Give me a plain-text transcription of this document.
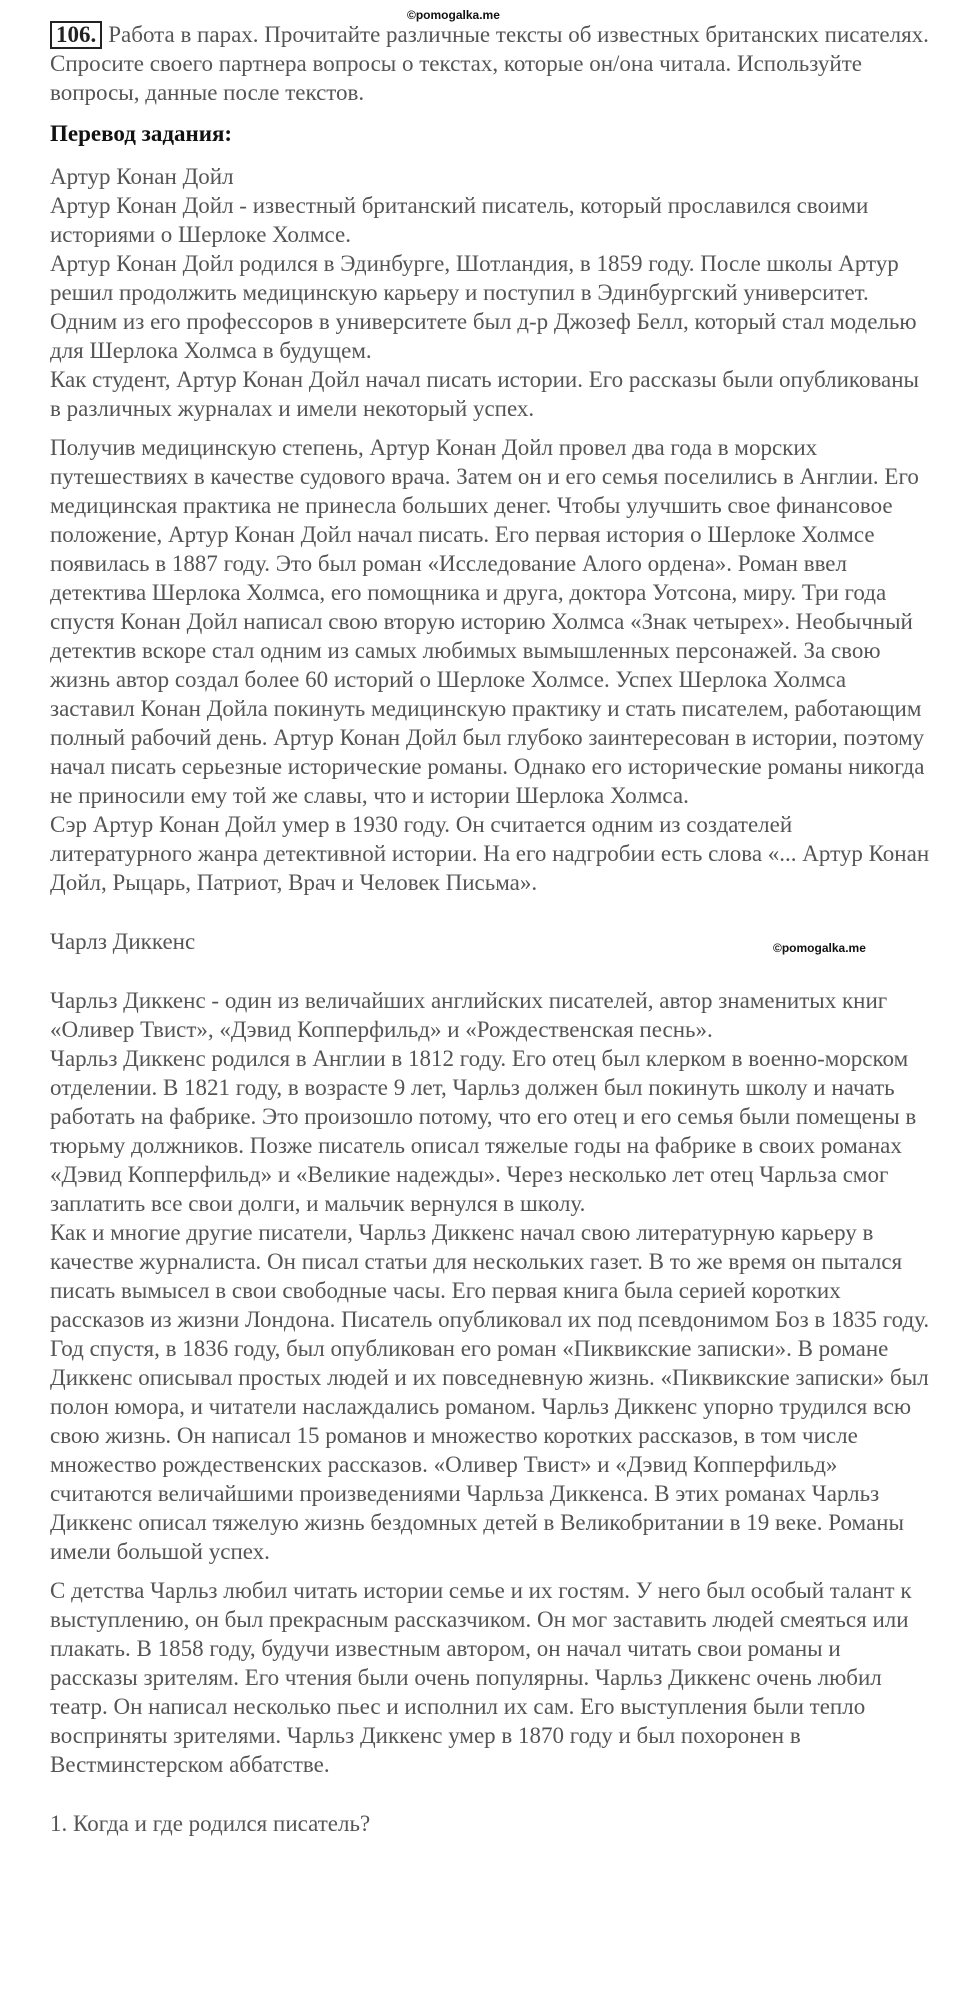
©pomogalka.me
©pomogalka.me

106. Работа в парах. Прочитайте различные тексты об известных британских писателях. Спросите своего партнера вопросы о текстах, которые он/она читала. Используйте вопросы, данные после текстов.

Перевод задания:

Артур Конан Дойл

Артур Конан Дойл - известный британский писатель, который прославился своими историями о Шерлоке Холмсе.

Артур Конан Дойл родился в Эдинбурге, Шотландия, в 1859 году. После школы Артур решил продолжить медицинскую карьеру и поступил в Эдинбургский университет. Одним из его профессоров в университете был д-р Джозеф Белл, который стал моделью для Шерлока Холмса в будущем.

Как студент, Артур Конан Дойл начал писать истории. Его рассказы были опубликованы в различных журналах и имели некоторый успех.

Получив медицинскую степень, Артур Конан Дойл провел два года в морских путешествиях в качестве судового врача. Затем он и его семья поселились в Англии. Его медицинская практика не принесла больших денег. Чтобы улучшить свое финансовое положение, Артур Конан Дойл начал писать. Его первая история о Шерлоке Холмсе появилась в 1887 году. Это был роман «Исследование Алого ордена». Роман ввел детектива Шерлока Холмса, его помощника и друга, доктора Уотсона, миру. Три года спустя Конан Дойл написал свою вторую историю Холмса «Знак четырех». Необычный детектив вскоре стал одним из самых любимых вымышленных персонажей. За свою жизнь автор создал более 60 историй о Шерлоке Холмсе. Успех Шерлока Холмса заставил Конан Дойла покинуть медицинскую практику и стать писателем, работающим полный рабочий день. Артур Конан Дойл был глубоко заинтересован в истории, поэтому начал писать серьезные исторические романы. Однако его исторические романы никогда не приносили ему той же славы, что и истории Шерлока Холмса.

Сэр Артур Конан Дойл умер в 1930 году. Он считается одним из создателей литературного жанра детективной истории. На его надгробии есть слова «... Артур Конан Дойл, Рыцарь, Патриот, Врач и Человек Письма».

Чарлз Диккенс

Чарльз Диккенс - один из величайших английских писателей, автор знаменитых книг «Оливер Твист», «Дэвид Копперфильд» и «Рождественская песнь».

Чарльз Диккенс родился в Англии в 1812 году. Его отец был клерком в военно-морском отделении. В 1821 году, в возрасте 9 лет, Чарльз должен был покинуть школу и начать работать на фабрике. Это произошло потому, что его отец и его семья были помещены в тюрьму должников. Позже писатель описал тяжелые годы на фабрике в своих романах «Дэвид Копперфильд» и «Великие надежды». Через несколько лет отец Чарльза смог заплатить все свои долги, и мальчик вернулся в школу.

Как и многие другие писатели, Чарльз Диккенс начал свою литературную карьеру в качестве журналиста. Он писал статьи для нескольких газет. В то же время он пытался писать вымысел в свои свободные часы. Его первая книга была серией коротких рассказов из жизни Лондона. Писатель опубликовал их под псевдонимом Боз в 1835 году.

Год спустя, в 1836 году, был опубликован его роман «Пиквикские записки». В романе Диккенс описывал простых людей и их повседневную жизнь. «Пиквикские записки» был полон юмора, и читатели наслаждались романом. Чарльз Диккенс упорно трудился всю свою жизнь. Он написал 15 романов и множество коротких рассказов, в том числе множество рождественских рассказов. «Оливер Твист» и «Дэвид Копперфильд» считаются величайшими произведениями Чарльза Диккенса. В этих романах Чарльз Диккенс описал тяжелую жизнь бездомных детей в Великобритании в 19 веке. Романы имели большой успех.

С детства Чарльз любил читать истории семье и их гостям. У него был особый талант к выступлению, он был прекрасным рассказчиком. Он мог заставить людей смеяться или плакать. В 1858 году, будучи известным автором, он начал читать свои романы и рассказы зрителям. Его чтения были очень популярны. Чарльз Диккенс очень любил театр. Он написал несколько пьес и исполнил их сам. Его выступления были тепло восприняты зрителями. Чарльз Диккенс умер в 1870 году и был похоронен в Вестминстерском аббатстве.

1. Когда и где родился писатель?
